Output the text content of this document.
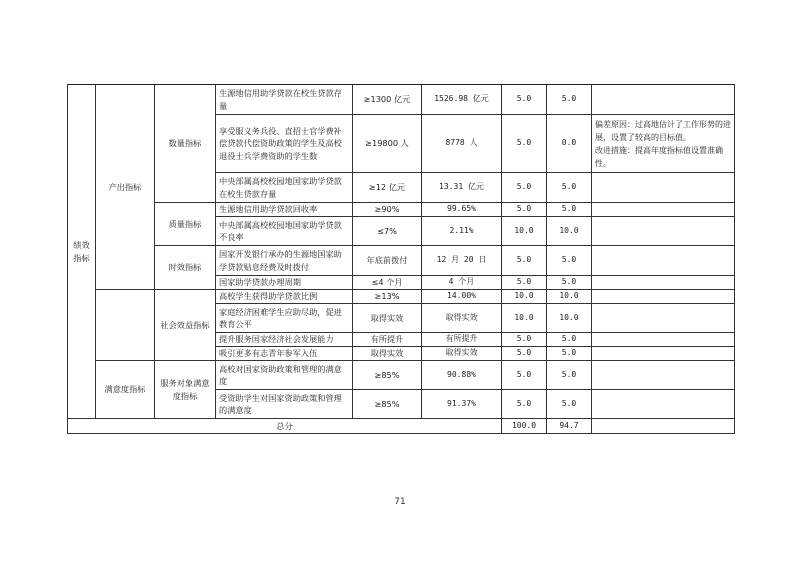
绩效指标	产出指标	数量指标	生源地信用助学贷款在校生贷款存量	≥1300 亿元	1526.98 亿元	5.0	5.0	
			享受服义务兵役、直招士官学费补偿贷款代偿资助政策的学生及高校退役士兵学费资助的学生数	≥19800 人	8778 人	5.0	0.0	偏差原因：过高地估计了工作形势的进展，设置了较高的目标值。
改进措施：提高年度指标值设置准确性。
			中央部属高校校园地国家助学贷款在校生贷款存量	≥12 亿元	13.31 亿元	5.0	5.0	
		质量指标	生源地信用助学贷款回收率	≥90%	99.65%	5.0	5.0	
			中央部属高校校园地国家助学贷款不良率	≤7%	2.11%	10.0	10.0	
		时效指标	国家开发银行承办的生源地国家助学贷款贴息经费及时拨付	年底前拨付	12 月 20 日	5.0	5.0	
			国家助学贷款办理周期	≤4 个月	4 个月	5.0	5.0	
		社会效益指标	高校学生获得助学贷款比例	≥13%	14.00%	10.0	10.0	
			家庭经济困难学生应助尽助，促进教育公平	取得实效	取得实效	10.0	10.0	
			提升服务国家经济社会发展能力	有所提升	有所提升	5.0	5.0	
			吸引更多有志青年参军入伍	取得实效	取得实效	5.0	5.0	
	满意度指标	服务对象满意度指标	高校对国家资助政策和管理的满意度	≥85%	90.88%	5.0	5.0	
			受资助学生对国家资助政策和管理的满意度	≥85%	91.37%	5.0	5.0	
总分						100.0	94.7	
71
